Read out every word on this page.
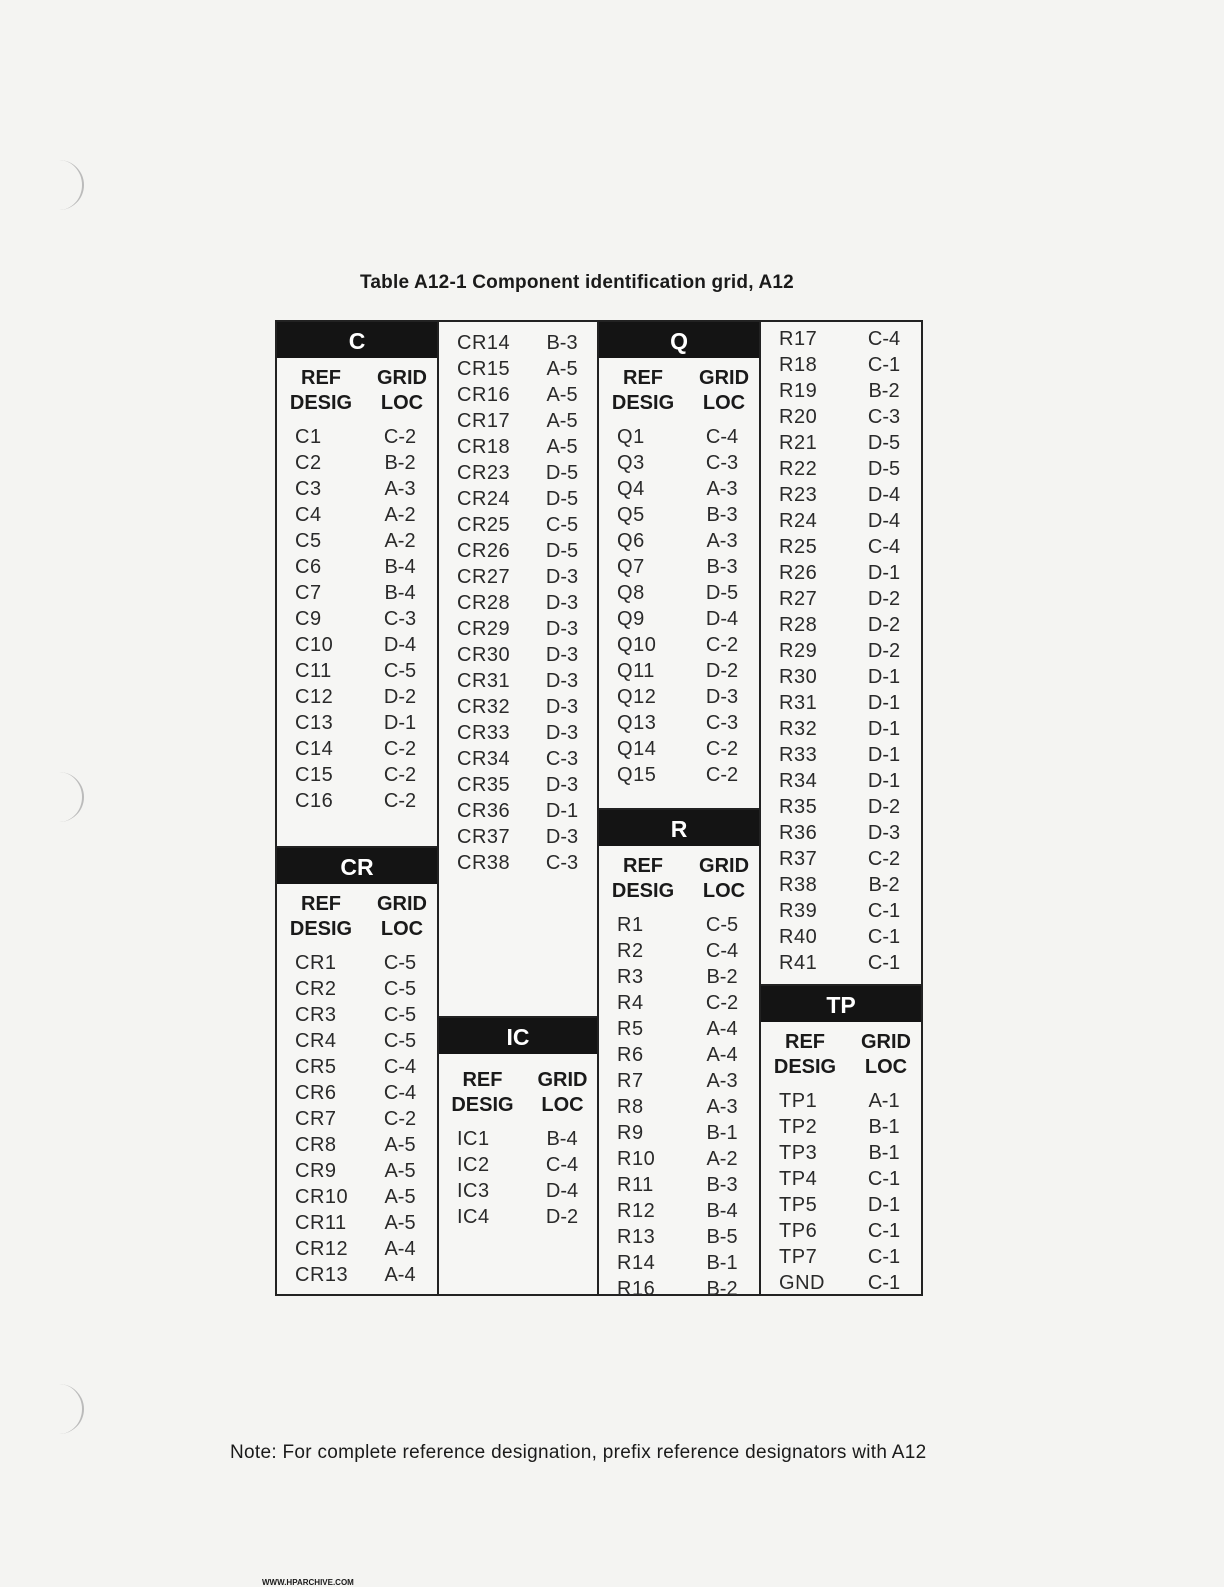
Table A12-1 Component identification grid, A12
C
REF
DESIG
GRID
LOC
C1	C-2
C2	B-2
C3	A-3
C4	A-2
C5	A-2
C6	B-4
C7	B-4
C9	C-3
C10	D-4
C11	C-5
C12	D-2
C13	D-1
C14	C-2
C15	C-2
C16	C-2
CR
REF
DESIG
GRID
LOC
CR1	C-5
CR2	C-5
CR3	C-5
CR4	C-5
CR5	C-4
CR6	C-4
CR7	C-2
CR8	A-5
CR9	A-5
CR10	A-5
CR11	A-5
CR12	A-4
CR13	A-4
CR14	B-3
CR15	A-5
CR16	A-5
CR17	A-5
CR18	A-5
CR23	D-5
CR24	D-5
CR25	C-5
CR26	D-5
CR27	D-3
CR28	D-3
CR29	D-3
CR30	D-3
CR31	D-3
CR32	D-3
CR33	D-3
CR34	C-3
CR35	D-3
CR36	D-1
CR37	D-3
CR38	C-3
IC
REF
DESIG
GRID
LOC
IC1	B-4
IC2	C-4
IC3	D-4
IC4	D-2
Q
REF
DESIG
GRID
LOC
Q1	C-4
Q3	C-3
Q4	A-3
Q5	B-3
Q6	A-3
Q7	B-3
Q8	D-5
Q9	D-4
Q10	C-2
Q11	D-2
Q12	D-3
Q13	C-3
Q14	C-2
Q15	C-2
R
REF
DESIG
GRID
LOC
R1	C-5
R2	C-4
R3	B-2
R4	C-2
R5	A-4
R6	A-4
R7	A-3
R8	A-3
R9	B-1
R10	A-2
R11	B-3
R12	B-4
R13	B-5
R14	B-1
R16	B-2
R17	C-4
R18	C-1
R19	B-2
R20	C-3
R21	D-5
R22	D-5
R23	D-4
R24	D-4
R25	C-4
R26	D-1
R27	D-2
R28	D-2
R29	D-2
R30	D-1
R31	D-1
R32	D-1
R33	D-1
R34	D-1
R35	D-2
R36	D-3
R37	C-2
R38	B-2
R39	C-1
R40	C-1
R41	C-1
TP
REF
DESIG
GRID
LOC
TP1	A-1
TP2	B-1
TP3	B-1
TP4	C-1
TP5	D-1
TP6	C-1
TP7	C-1
GND	C-1
Note: For complete reference designation, prefix reference designators with A12
WWW.HPARCHIVE.COM
